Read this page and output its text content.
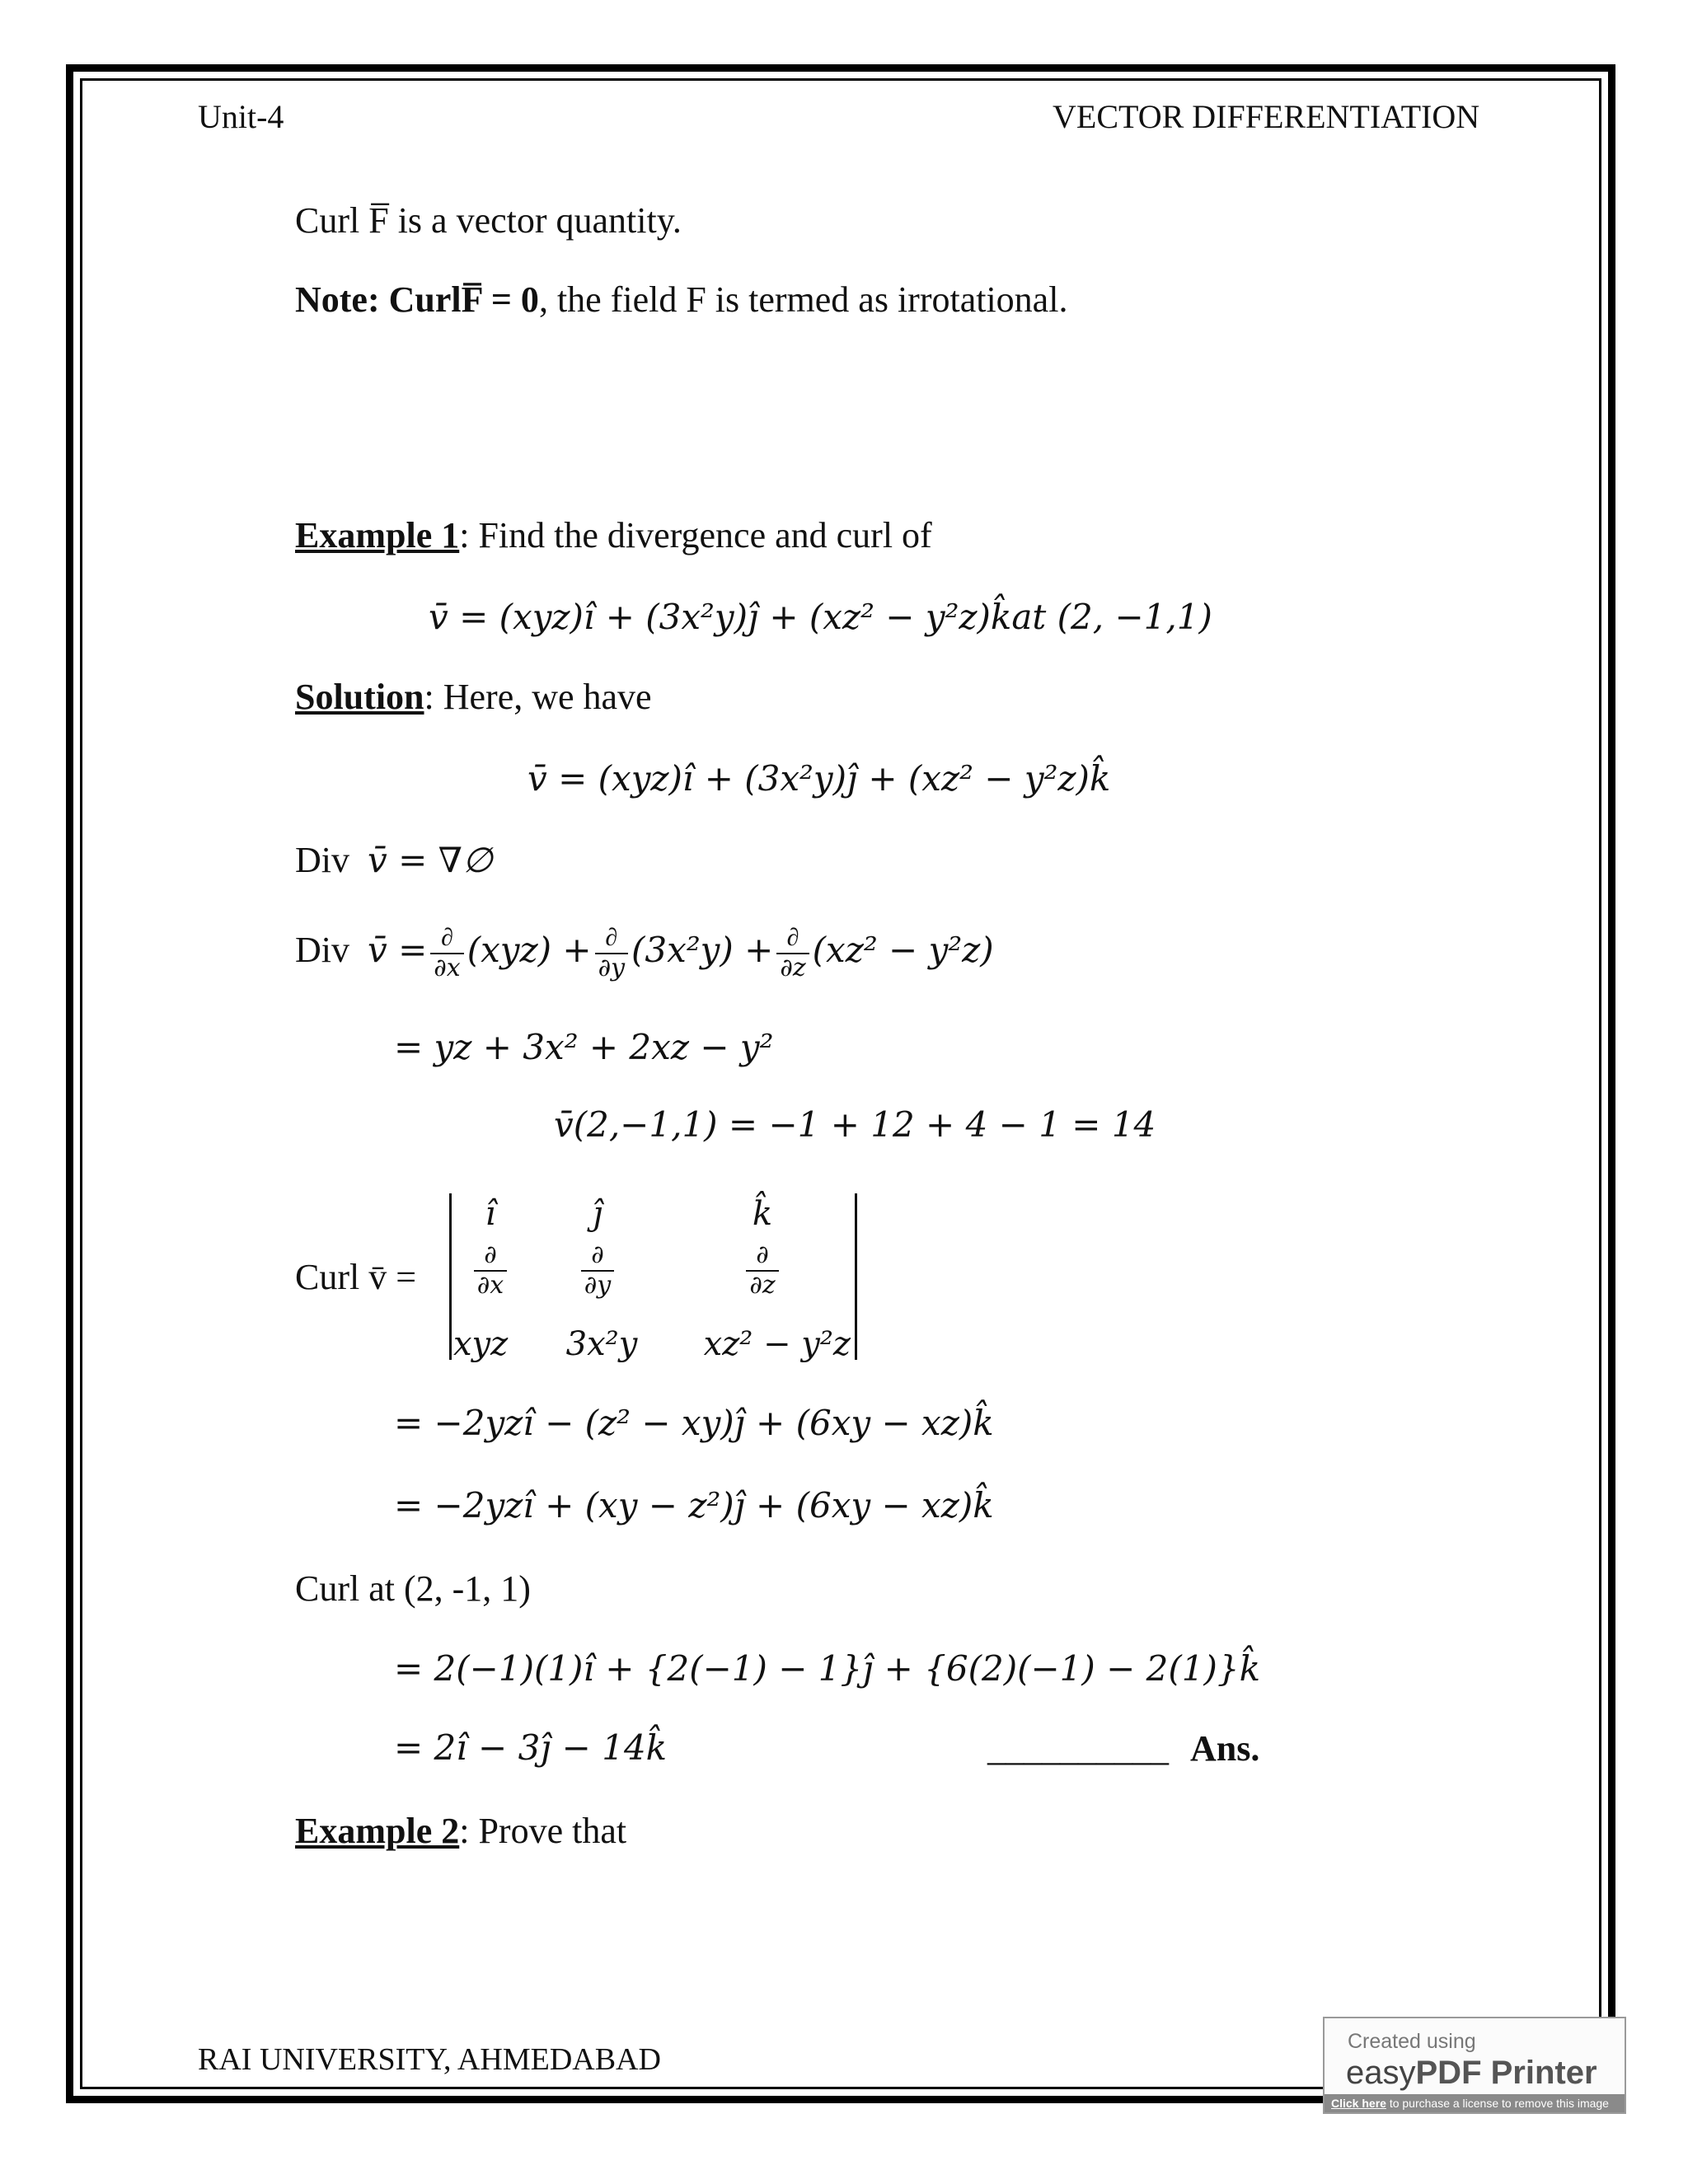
Unit-4	VECTOR DIFFERENTIATION
Curl F̅ is a vector quantity.
Note: CurlF̅ = 0, the field F is termed as irrotational.
Example 1: Find the divergence and curl of
v̄ = (xyz)î + (3x²y)ĵ + (xz² − y²z)k̂at (2, −1,1)
Solution: Here, we have
v̄ = (xyz)î + (3x²y)ĵ + (xz² − y²z)k̂
Div v̄ = ∇∅
Div v̄ = $\frac{\partial}{\partial x} (xyz) + \frac{\partial}{\partial y} (3x^2y) + \frac{\partial}{\partial z} (xz^2 - y^2z)$
= yz + 3x² + 2xz − y²
v̄(2,−1,1) = −1 + 12 + 4 − 1 = 14
Curl v̄ =
î	ĵ	k̂
$\frac{\partial}{\partial x}$	$\frac{\partial}{\partial y}$	$\frac{\partial}{\partial z}$
xyz	3x²y	xz² − y²z
= −2yzî − (z² − xy)ĵ + (6xy − xz)k̂
= −2yzî + (xy − z²)ĵ + (6xy − xz)k̂
Curl at (2, -1, 1)
= 2(−1)(1)î + {2(−1) − 1}ĵ + {6(2)(−1) − 2(1)}k̂
= 2î − 3ĵ − 14k̂	__________ Ans.
Example 2: Prove that
RAI UNIVERSITY, AHMEDABAD
Created using
easyPDF Printer
Click here to purchase a license to remove this image
